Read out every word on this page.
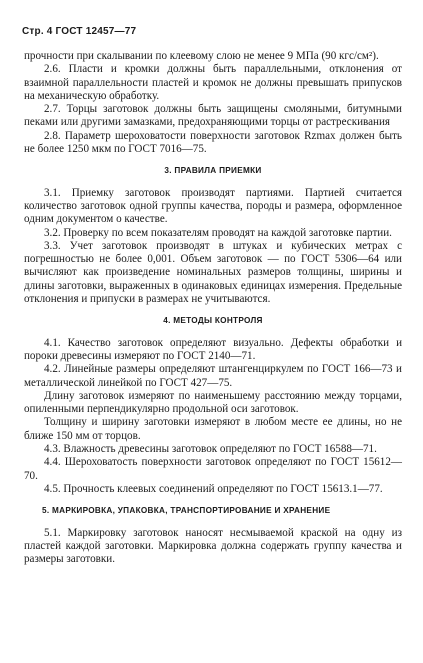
Стр. 4 ГОСТ 12457—77

прочности при скалывании по клеевому слою не менее 9 МПа (90 кгс/см²).

2.6. Пласти и кромки должны быть параллельными, отклонения от взаимной параллельности пластей и кромок не должны превышать припусков на механическую обработку.

2.7. Торцы заготовок должны быть защищены смоляными, битумными пеками или другими замазками, предохраняющими торцы от растрескивания

2.8. Параметр шероховатости поверхности заготовок Rzmax должен быть не более 1250 мкм по ГОСТ 7016—75.

3. ПРАВИЛА ПРИЕМКИ

3.1. Приемку заготовок производят партиями. Партией считается количество заготовок одной группы качества, породы и размера, оформленное одним документом о качестве.

3.2. Проверку по всем показателям проводят на каждой заготовке партии.

3.3. Учет заготовок производят в штуках и кубических метрах с погрешностью не более 0,001. Объем заготовок — по ГОСТ 5306—64 или вычисляют как произведение номинальных размеров толщины, ширины и длины заготовки, выраженных в одинаковых единицах измерения. Предельные отклонения и припуски в размерах не учитываются.

4. МЕТОДЫ КОНТРОЛЯ

4.1. Качество заготовок определяют визуально. Дефекты обработки и пороки древесины измеряют по ГОСТ 2140—71.

4.2. Линейные размеры определяют штангенциркулем по ГОСТ 166—73 и металлической линейкой по ГОСТ 427—75.

Длину заготовок измеряют по наименьшему расстоянию между торцами, опиленными перпендикулярно продольной оси заготовок.

Толщину и ширину заготовки измеряют в любом месте ее длины, но не ближе 150 мм от торцов.

4.3. Влажность древесины заготовок определяют по ГОСТ 16588—71.

4.4. Шероховатость поверхности заготовок определяют по ГОСТ 15612—70.

4.5. Прочность клеевых соединений определяют по ГОСТ 15613.1—77.

5. МАРКИРОВКА, УПАКОВКА, ТРАНСПОРТИРОВАНИЕ И ХРАНЕНИЕ

5.1. Маркировку заготовок наносят несмываемой краской на одну из пластей каждой заготовки. Маркировка должна содержать группу качества и размеры заготовки.
